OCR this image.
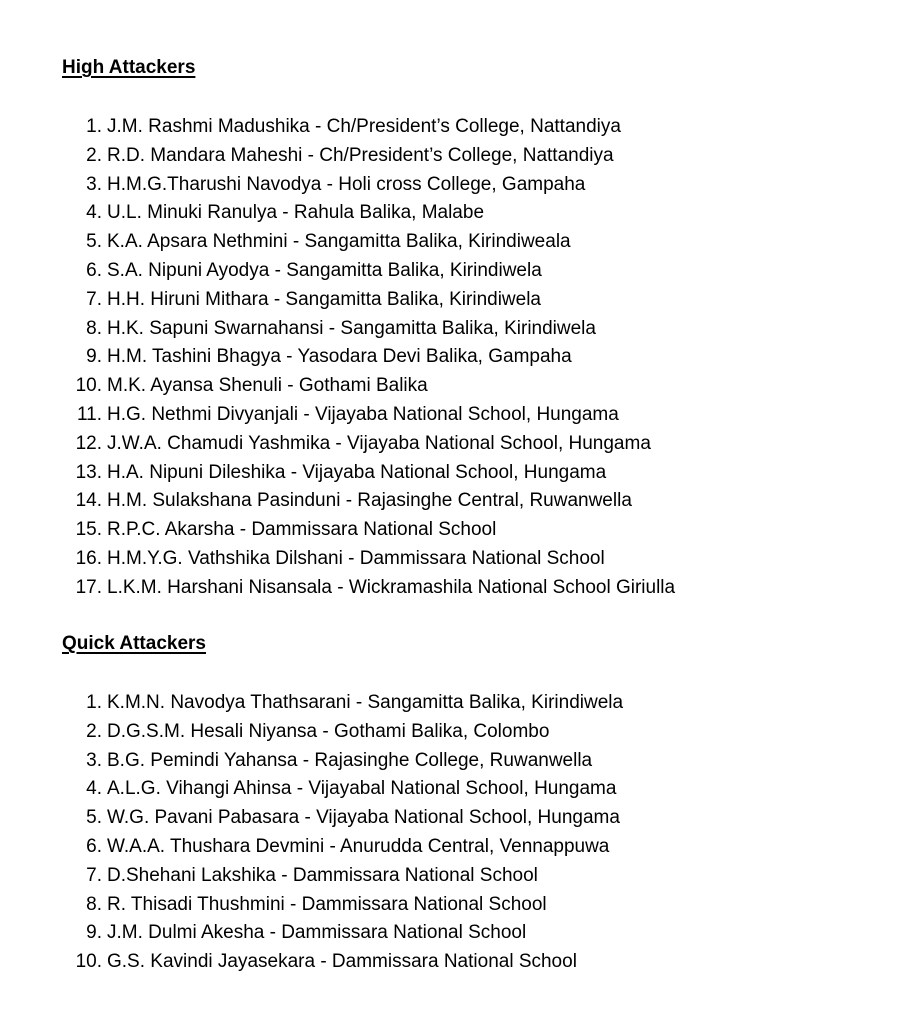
High Attackers
1. J.M. Rashmi Madushika - Ch/President’s College, Nattandiya
2. R.D. Mandara Maheshi - Ch/President’s College, Nattandiya
3. H.M.G.Tharushi Navodya - Holi cross College, Gampaha
4. U.L. Minuki Ranulya - Rahula Balika, Malabe
5. K.A. Apsara Nethmini - Sangamitta Balika, Kirindiweala
6. S.A. Nipuni Ayodya - Sangamitta Balika, Kirindiwela
7. H.H. Hiruni Mithara - Sangamitta Balika, Kirindiwela
8. H.K. Sapuni Swarnahansi - Sangamitta Balika, Kirindiwela
9. H.M. Tashini Bhagya - Yasodara Devi Balika, Gampaha
10. M.K. Ayansa Shenuli - Gothami Balika
11. H.G. Nethmi Divyanjali - Vijayaba National School, Hungama
12. J.W.A. Chamudi Yashmika - Vijayaba National School, Hungama
13. H.A. Nipuni Dileshika - Vijayaba National School, Hungama
14. H.M. Sulakshana Pasinduni - Rajasinghe Central, Ruwanwella
15. R.P.C. Akarsha - Dammissara National School
16. H.M.Y.G. Vathshika Dilshani - Dammissara National School
17. L.K.M. Harshani Nisansala - Wickramashila National School Giriulla
Quick Attackers
1. K.M.N. Navodya Thathsarani - Sangamitta Balika, Kirindiwela
2. D.G.S.M. Hesali Niyansa - Gothami Balika, Colombo
3. B.G. Pemindi Yahansa - Rajasinghe College, Ruwanwella
4. A.L.G. Vihangi Ahinsa - Vijayabal National School, Hungama
5. W.G. Pavani Pabasara - Vijayaba National School, Hungama
6. W.A.A. Thushara Devmini - Anurudda Central, Vennappuwa
7. D.Shehani Lakshika - Dammissara National School
8. R. Thisadi Thushmini - Dammissara National School
9. J.M. Dulmi Akesha - Dammissara National School
10. G.S. Kavindi Jayasekara - Dammissara National School
